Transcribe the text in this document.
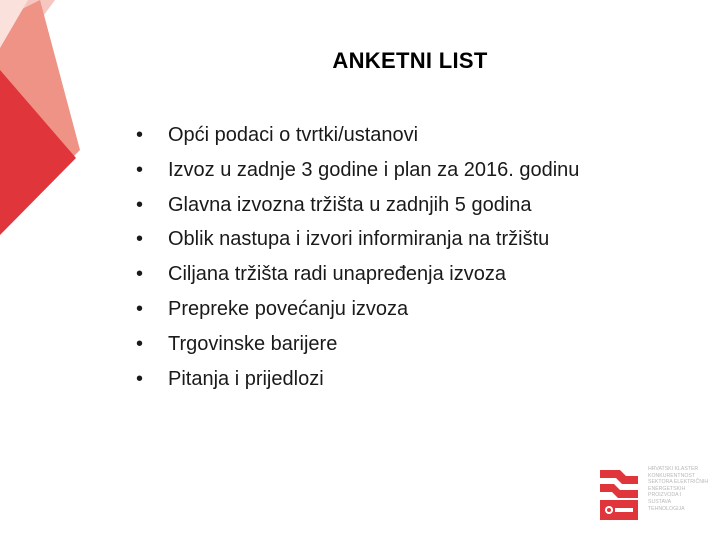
ANKETNI LIST
• Opći podaci o tvrtki/ustanovi
• Izvoz u zadnje 3 godine i plan za 2016. godinu
• Glavna izvozna tržišta u zadnjih 5 godina
• Oblik nastupa i izvori informiranja na tržištu
• Ciljana tržišta radi unapređenja izvoza
• Prepreke povećanju izvoza
• Trgovinske barijere
• Pitanja i prijedlozi
HRVATSKI KLASTER
KONKURENTNOST
SEKTORA ELEKTRIČNIH
ENERGETSKIH
PROIZVODA I
SUSTAVA
TEHNOLOGIJA
